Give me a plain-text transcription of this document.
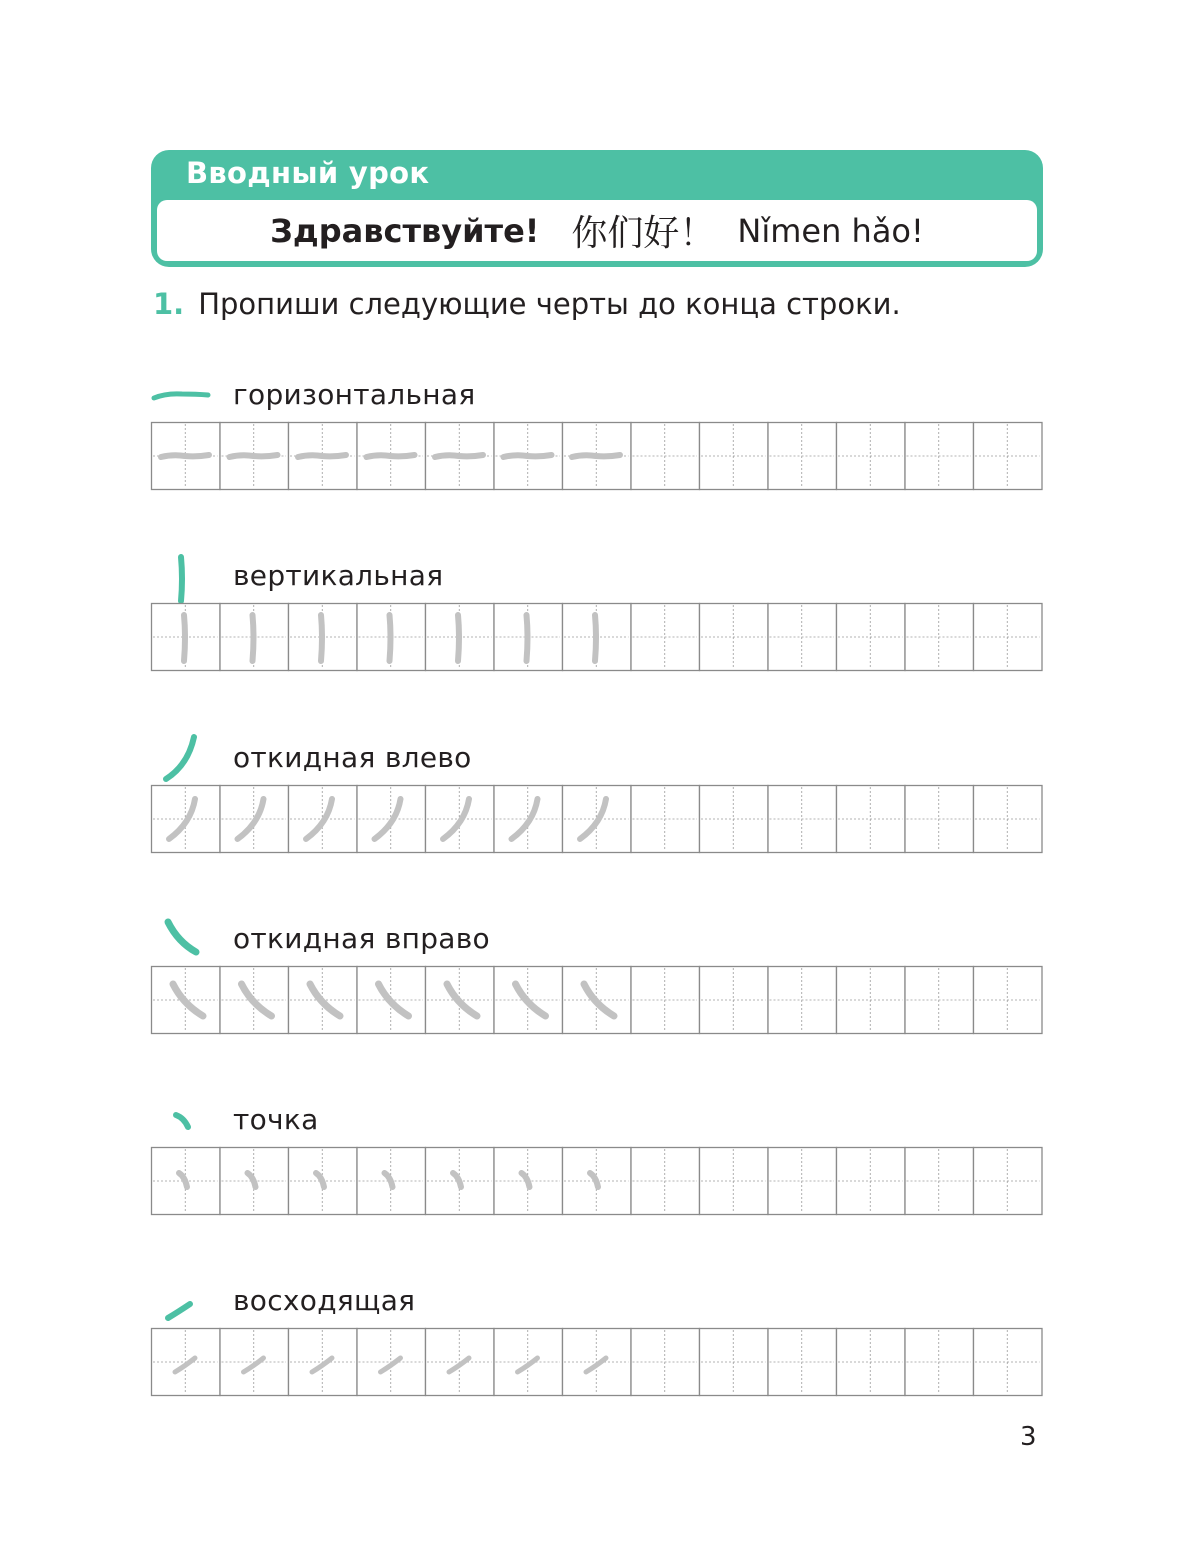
Вводный урок
Здравствуйте! 你们好！ Nǐmen hǎo!
1. Пропиши следующие черты до конца строки.
горизонтальная
вертикальная
откидная влево
откидная вправо
точка
восходящая
3
